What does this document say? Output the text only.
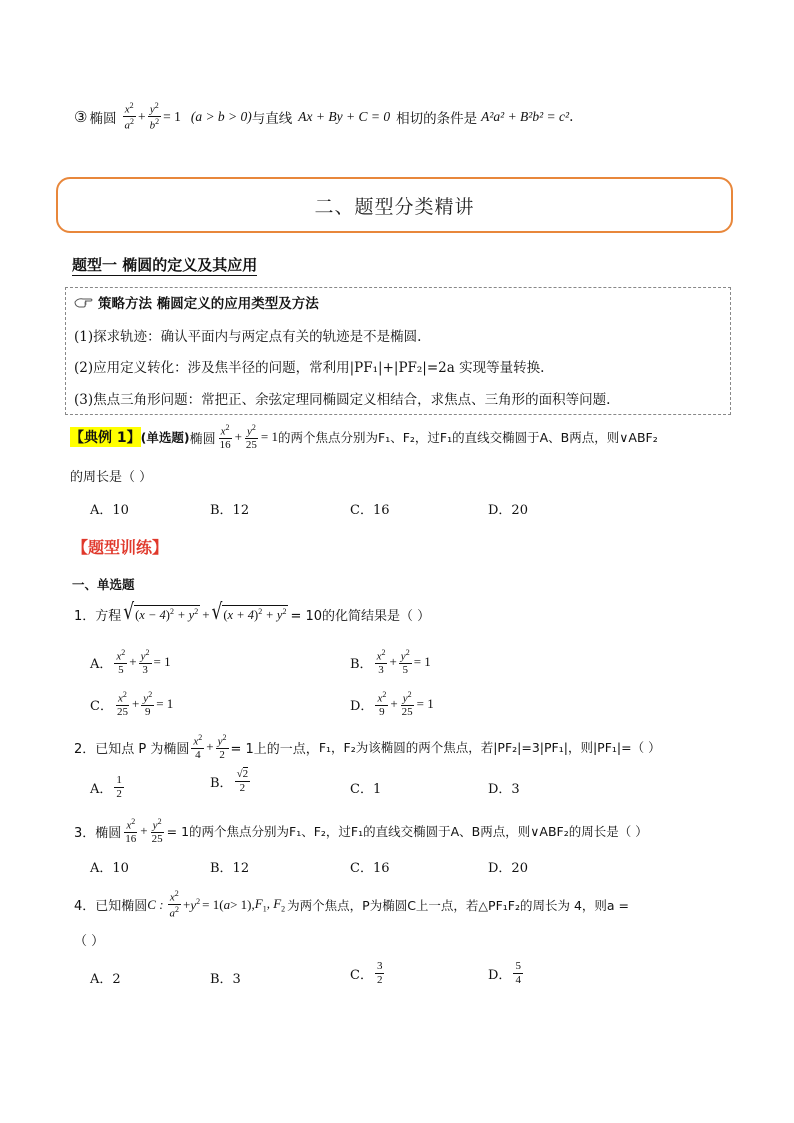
③ 椭圆 $\frac{x^2}{a^2} + \frac{y^2}{b^2} = 1$ (a > b > 0) 与直线 Ax + By + C = 0 相切的条件是 A²a² + B²b² = c² .
二、题型分类精讲
题型一 椭圆的定义及其应用
策略方法 椭圆定义的应用类型及方法
(1)探求轨迹：确认平面内与两定点有关的轨迹是不是椭圆.
(2)应用定义转化：涉及焦半径的问题，常利用|PF₁|+|PF₂|=2a 实现等量转换.
(3)焦点三角形问题：常把正、余弦定理同椭圆定义相结合，求焦点、三角形的面积等问题.
【典例 1】 (单选题) 椭圆 $\frac{x^2}{16} + \frac{y^2}{25} = 1$ 的两个焦点分别为F₁、F₂，过F₁的直线交椭圆于A、B两点，则∨ABF₂
的周长是（ ）
A．10	B．12	C．16	D．20
【题型训练】
一、单选题
1．方程 √ $(x - 4)^2 + y^2$ + √ $(x + 4)^2 + y^2 = 10$的化简结果是（ ）
A． $\frac{x^2}{5} + \frac{y^2}{3} = 1$	B． $\frac{x^2}{3} + \frac{y^2}{5} = 1$
C． $\frac{x^2}{25} + \frac{y^2}{9} = 1$	D． $\frac{x^2}{9} + \frac{y^2}{25} = 1$
2．已知点 P 为椭圆 $\frac{x^2}{4} + \frac{y^2}{2} = 1$上的一点， F₁，F₂为该椭圆的两个焦点，若|PF₂|=3|PF₁|，则|PF₁|=（ ）
A． $\frac{1}{2}$	B． $\frac{√2}{2}$	C．1	D．3
3．椭圆 $\frac{x^2}{16} + \frac{y^2}{25} = 1$的两个焦点分别为F₁、F₂，过F₁的直线交椭圆于A、B两点，则∨ABF₂的周长是（ ）
A．10	B．12	C．16	D．20
4．已知椭圆 C : $\frac{x^2}{a^2} + y^2 = 1$( a > 1), $F_1$, $F_2$ 为两个焦点，P为椭圆C上一点，若△PF₁F₂的周长为 4，则a =
（ ）
A．2	B．3	C． $\frac{3}{2}$	D． $\frac{5}{4}$
